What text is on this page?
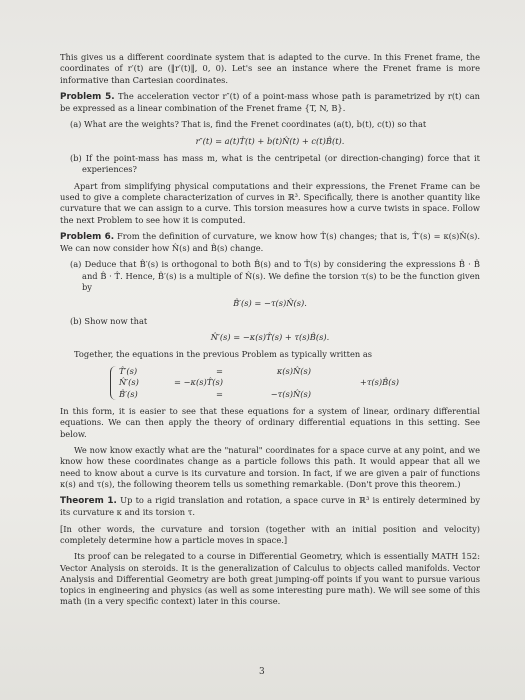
This gives us a different coordinate system that is adapted to the curve. In this Frenet frame, the coordinates of r′(t) are (‖r′(t)‖, 0, 0). Let's see an instance where the Frenet frame is more informative than Cartesian coordinates.

Problem 5. The acceleration vector r″(t) of a point-mass whose path is parametrized by r(t) can be expressed as a linear combination of the Frenet frame {T, N, B}.

(a) What are the weights? That is, find the Frenet coordinates (a(t), b(t), c(t)) so that

r″(t) = a(t)T̂(t) + b(t)N̂(t) + c(t)B̂(t).

(b) If the point-mass has mass m, what is the centripetal (or direction-changing) force that it experiences?

Apart from simplifying physical computations and their expressions, the Frenet Frame can be used to give a complete characterization of curves in ℝ³. Specifically, there is another quantity like curvature that we can assign to a curve. This torsion measures how a curve twists in space. Follow the next Problem to see how it is computed.

Problem 6. From the definition of curvature, we know how T̂(s) changes; that is, T̂′(s) = κ(s)N̂(s). We can now consider how N̂(s) and B̂(s) change.

(a) Deduce that B̂′(s) is orthogonal to both B̂(s) and to T̂(s) by considering the expressions B̂ · B̂ and B̂ · T̂. Hence, B̂′(s) is a multiple of N̂(s). We define the torsion τ(s) to be the function given by

B̂′(s) = −τ(s)N̂(s).

(b) Show now that

N̂′(s) = −κ(s)T̂(s) + τ(s)B̂(s).

Together, the equations in the previous Problem as typically written as

T̂′(s)	=	κ(s)N̂(s)
N̂′(s)	= −κ(s)T̂(s)	+τ(s)B̂(s)
B̂′(s)	=	−τ(s)N̂(s)

In this form, it is easier to see that these equations for a system of linear, ordinary differential equations. We can then apply the theory of ordinary differential equations in this setting. See below.

We now know exactly what are the "natural" coordinates for a space curve at any point, and we know how these coordinates change as a particle follows this path. It would appear that all we need to know about a curve is its curvature and torsion. In fact, if we are given a pair of functions κ(s) and τ(s), the following theorem tells us something remarkable. (Don't prove this theorem.)

Theorem 1. Up to a rigid translation and rotation, a space curve in ℝ³ is entirely determined by its curvature κ and its torsion τ.

[In other words, the curvature and torsion (together with an initial position and velocity) completely determine how a particle moves in space.]

Its proof can be relegated to a course in Differential Geometry, which is essentially MATH 152: Vector Analysis on steroids. It is the generalization of Calculus to objects called manifolds. Vector Analysis and Differential Geometry are both great jumping-off points if you want to pursue various topics in engineering and physics (as well as some interesting pure math). We will see some of this math (in a very specific context) later in this course.

3
